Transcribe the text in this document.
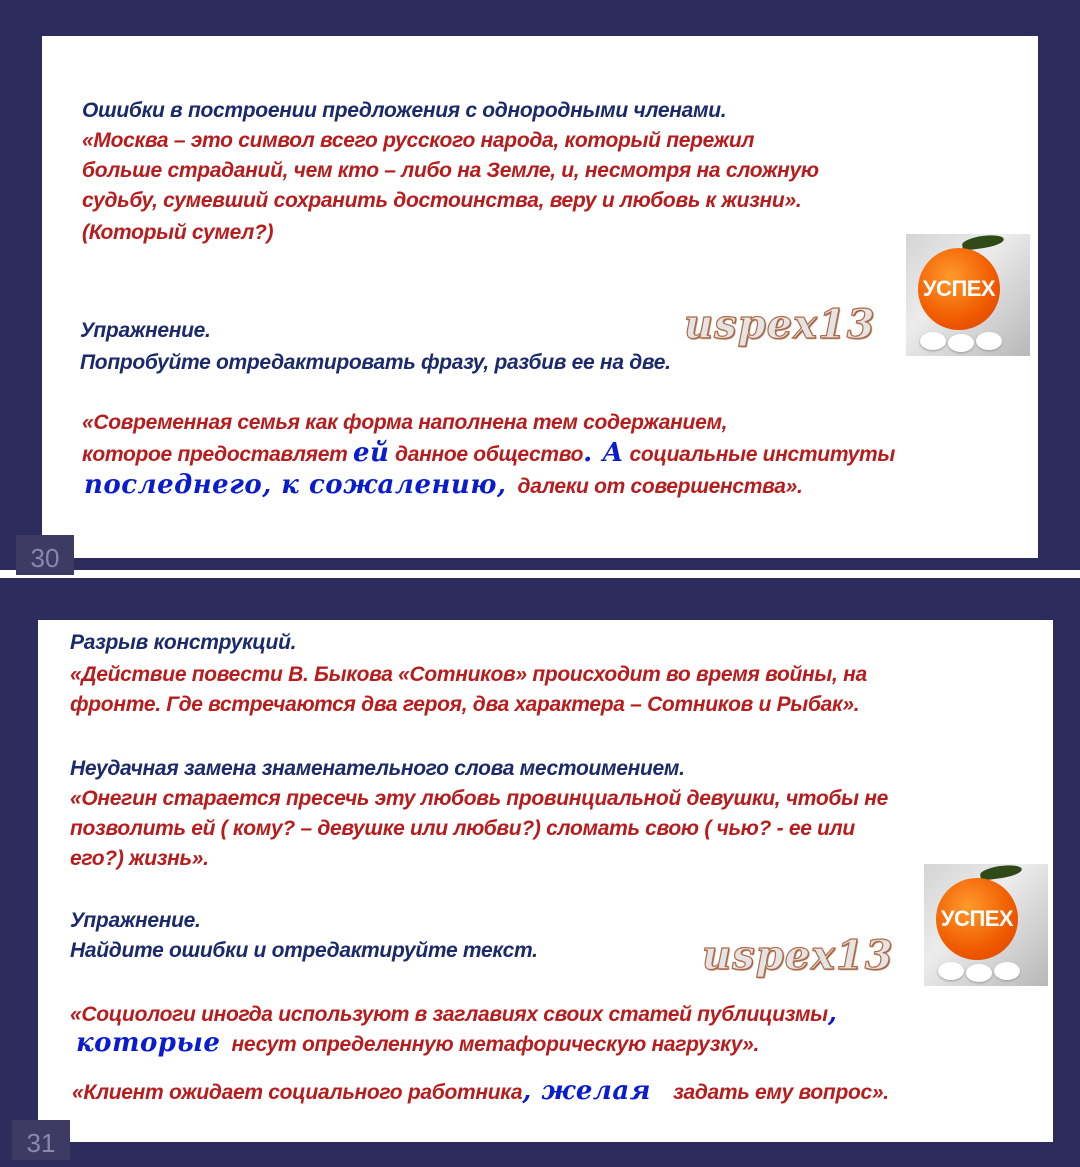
Ошибки в построении предложения с однородными членами.

«Москва – это символ всего русского народа, который пережил

больше страданий, чем кто – либо на Земле, и, несмотря на сложную

судьбу, сумевший сохранить достоинства, веру и любовь к жизни».

(Который сумел?)

Упражнение.

Попробуйте отредактировать фразу, разбив ее на две.

«Современная семья как форма наполнена тем содержанием,

которое предоставляет ей данное общество. А социальные институты

последнего, к сожалению, далеки от совершенства».

УСПЕХ
uspex13
30

Разрыв конструкций.

«Действие повести В. Быкова «Сотников» происходит во время войны, на

фронте. Где встречаются два героя, два характера – Сотников и Рыбак».

Неудачная замена знаменательного слова местоимением.

«Онегин старается пресечь эту любовь провинциальной девушки, чтобы не

позволить ей ( кому? – девушке или любви?) сломать свою ( чью? - ее или

его?) жизнь».

Упражнение.

Найдите ошибки и отредактируйте текст.

«Социологи иногда используют в заглавиях своих статей публицизмы,

которые несут определенную метафорическую нагрузку».

«Клиент ожидает социального работника, желая задать ему вопрос».

УСПЕХ
uspex13
31
